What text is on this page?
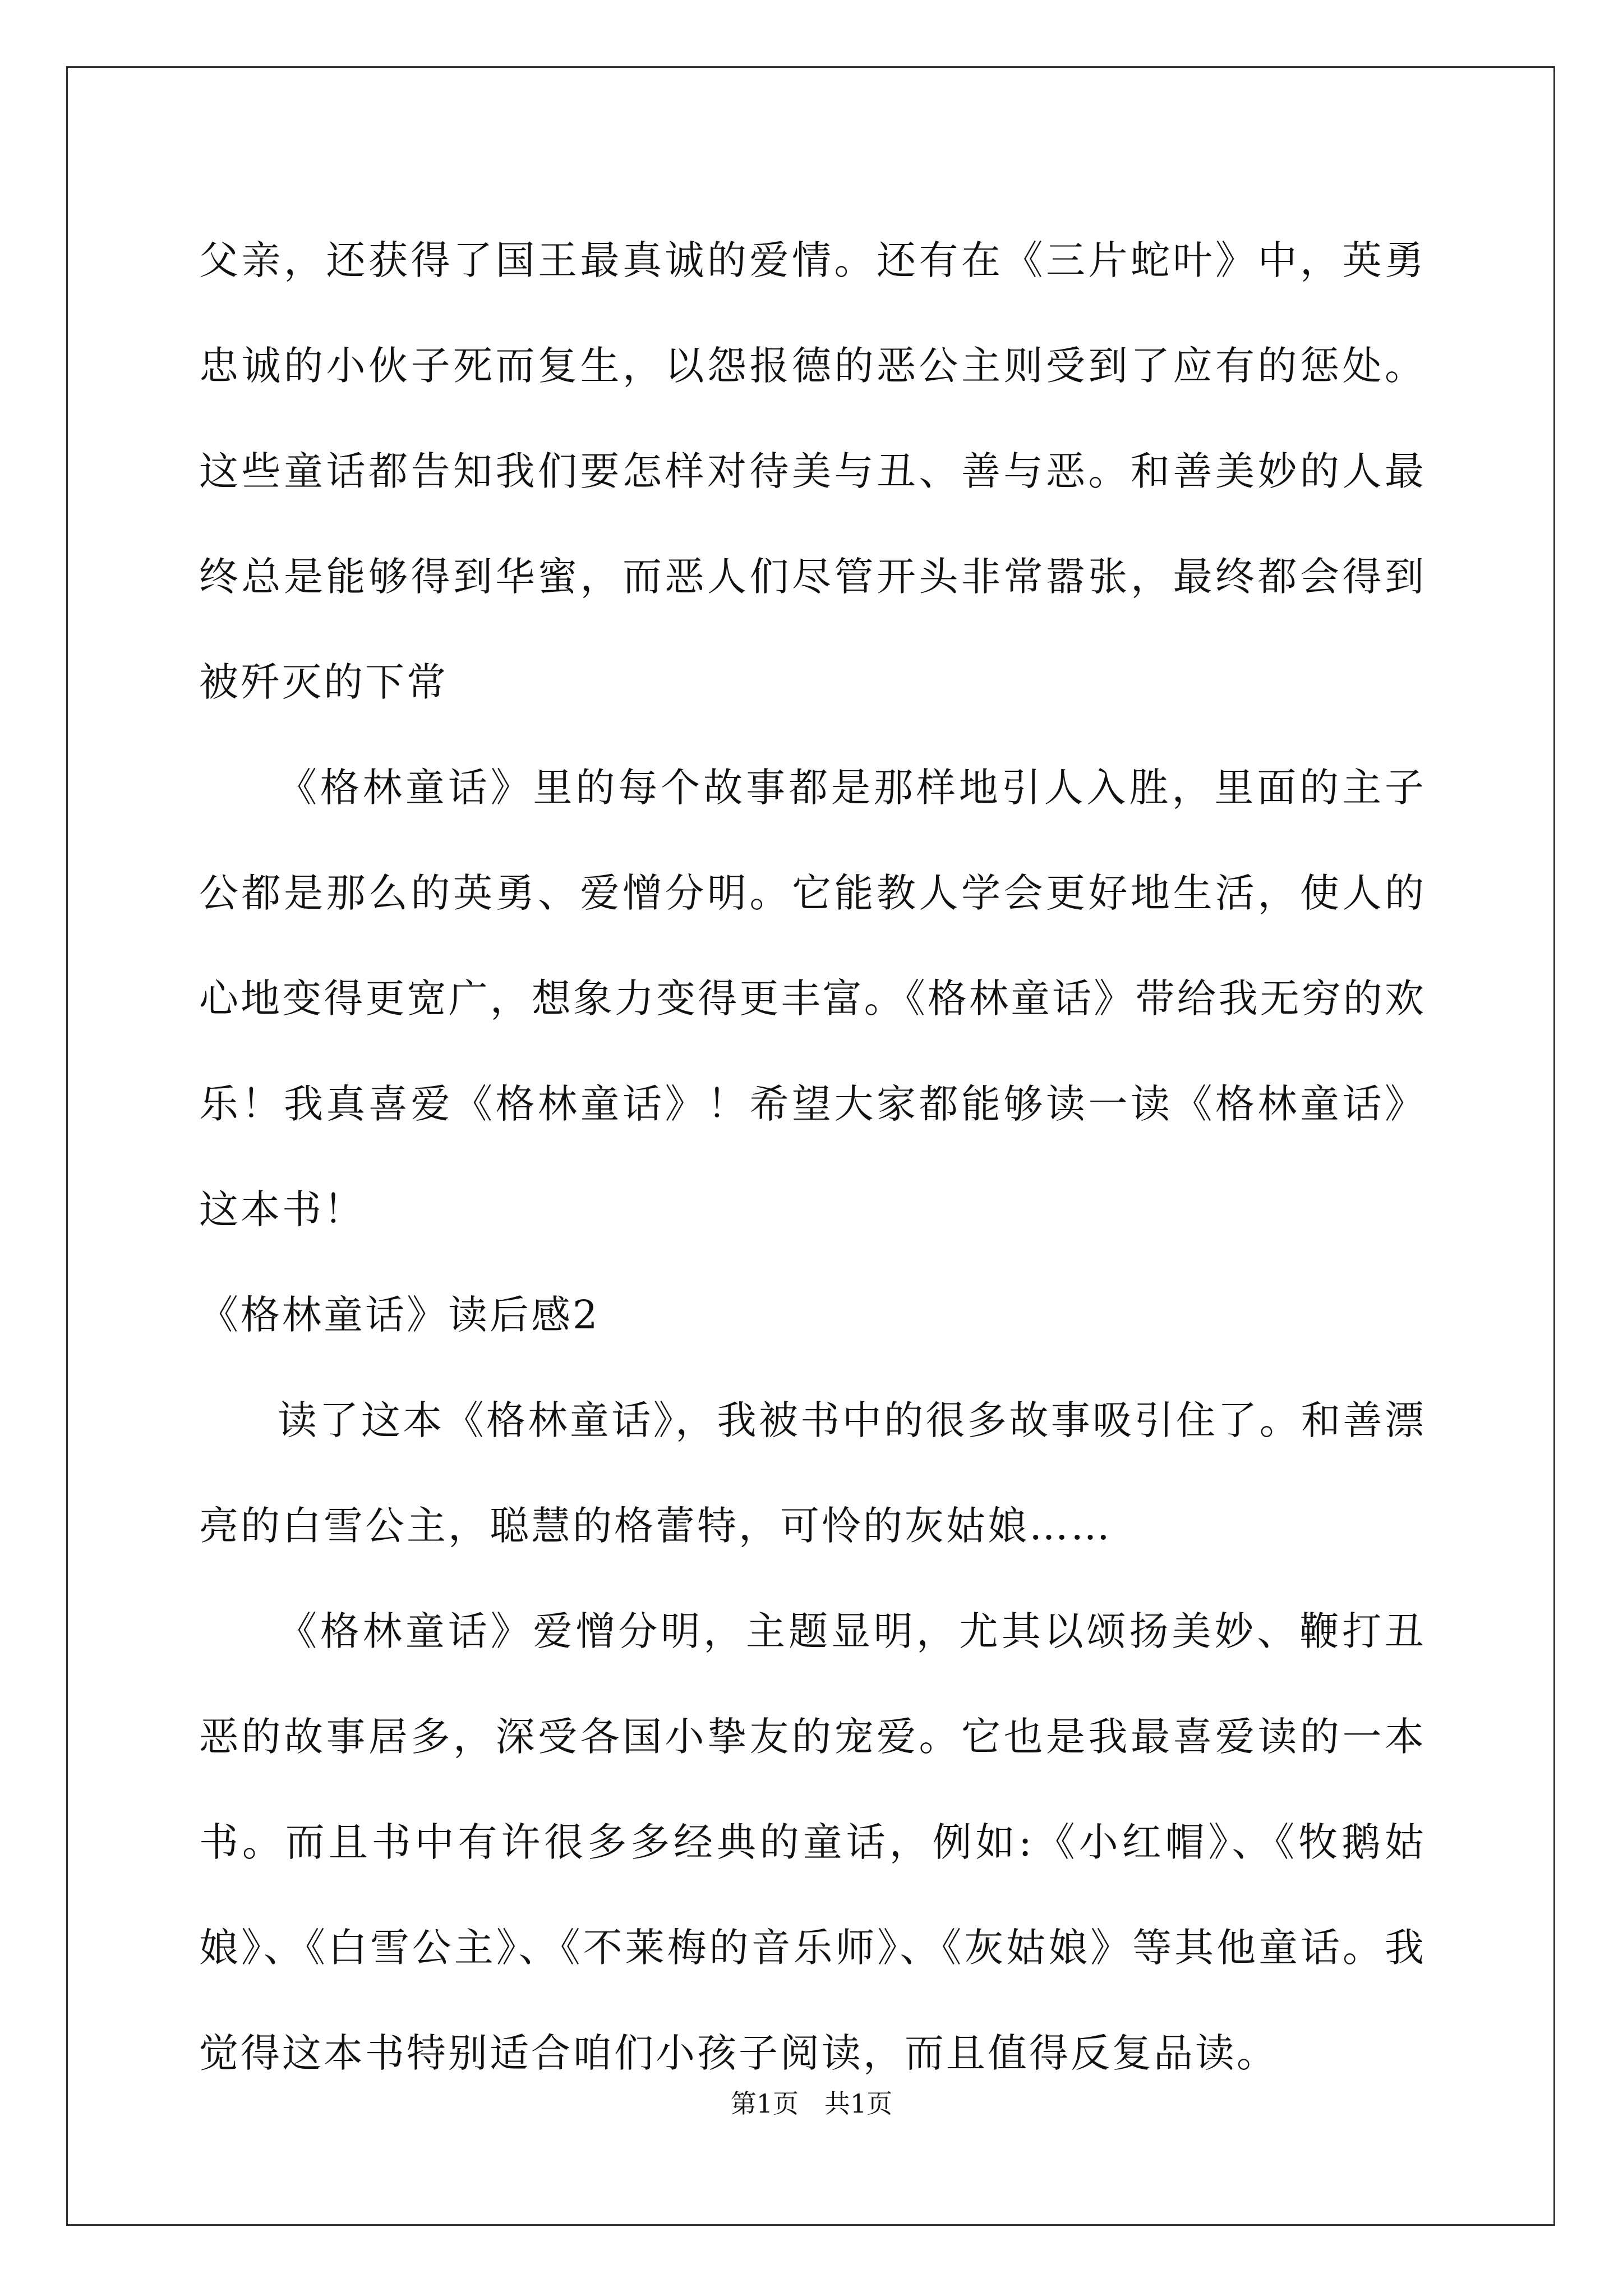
父亲，还获得了国王最真诚的爱情。还有在《三片蛇叶》中，英勇忠诚的小伙子死而复生，以怨报德的恶公主则受到了应有的惩处。这些童话都告知我们要怎样对待美与丑、善与恶。和善美妙的人最终总是能够得到华蜜，而恶人们尽管开头非常嚣张，最终都会得到被歼灭的下常

《格林童话》里的每个故事都是那样地引人入胜，里面的主子公都是那么的英勇、爱憎分明。它能教人学会更好地生活，使人的心地变得更宽广，想象力变得更丰富。《格林童话》带给我无穷的欢乐！我真喜爱《格林童话》！希望大家都能够读一读《格林童话》这本书！

《格林童话》读后感2

读了这本《格林童话》，我被书中的很多故事吸引住了。和善漂亮的白雪公主，聪慧的格蕾特，可怜的灰姑娘……

《格林童话》爱憎分明，主题显明，尤其以颂扬美妙、鞭打丑恶的故事居多，深受各国小挚友的宠爱。它也是我最喜爱读的一本书。而且书中有许很多多经典的童话，例如:《小红帽》、《牧鹅姑娘》、《白雪公主》、《不莱梅的音乐师》、《灰姑娘》等其他童话。我觉得这本书特别适合咱们小孩子阅读，而且值得反复品读。

第1页　共1页
